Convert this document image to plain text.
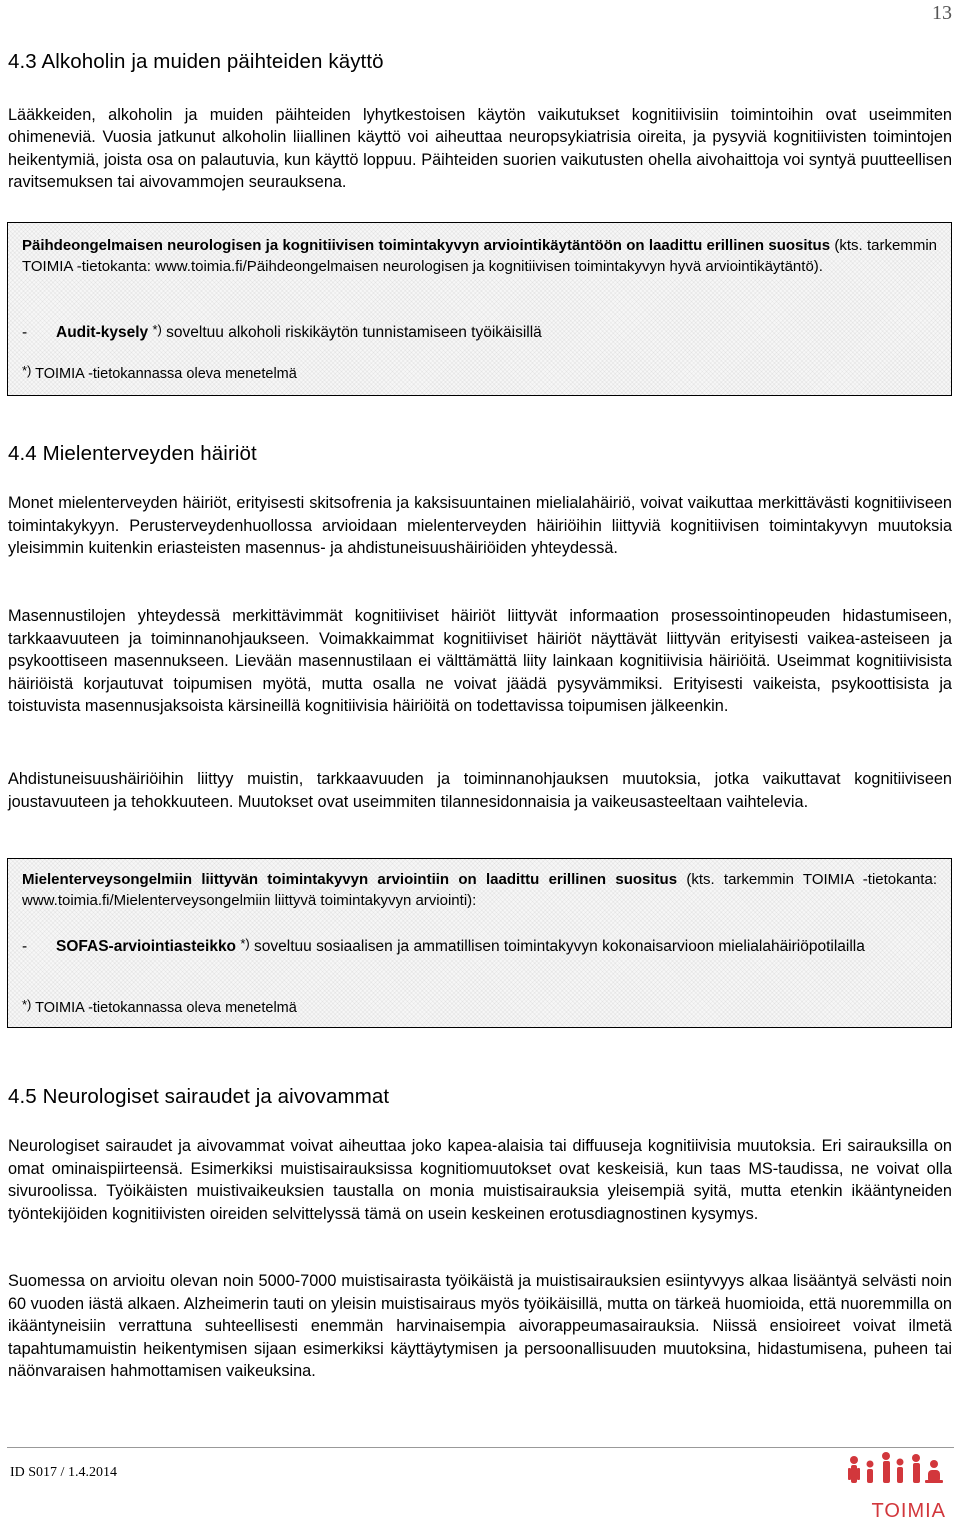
13
4.3 Alkoholin ja muiden päihteiden käyttö

Lääkkeiden, alkoholin ja muiden päihteiden lyhytkestoisen käytön vaikutukset kognitiivisiin toimintoihin ovat useimmiten ohimeneviä. Vuosia jatkunut alkoholin liiallinen käyttö voi aiheuttaa neuropsykiatrisia oireita, ja pysyviä kognitiivisten toimintojen heikentymiä, joista osa on palautuvia, kun käyttö loppuu. Päihteiden suorien vaikutusten ohella aivohaittoja voi syntyä puutteellisen ravitsemuksen tai aivovammojen seurauksena.

Päihdeongelmaisen neurologisen ja kognitiivisen toimintakyvyn arviointikäytäntöön on laadittu erillinen suositus (kts. tarkemmin TOIMIA -tietokanta: www.toimia.fi/Päihdeongelmaisen neurologisen ja kognitiivisen toimintakyvyn hyvä arviointikäytäntö).

- Audit-kysely *) soveltuu alkoholi riskikäytön tunnistamiseen työikäisillä
*) TOIMIA -tietokannassa oleva menetelmä
4.4 Mielenterveyden häiriöt

Monet mielenterveyden häiriöt, erityisesti skitsofrenia ja kaksisuuntainen mielialahäiriö, voivat vaikuttaa merkittävästi kognitiiviseen toimintakykyyn. Perusterveydenhuollossa arvioidaan mielenterveyden häiriöihin liittyviä kognitiivisen toimintakyvyn muutoksia yleisimmin kuitenkin eriasteisten masennus- ja ahdistuneisuushäiriöiden yhteydessä.

Masennustilojen yhteydessä merkittävimmät kognitiiviset häiriöt liittyvät informaation prosessointinopeuden hidastumiseen, tarkkaavuuteen ja toiminnanohjaukseen. Voimakkaimmat kognitiiviset häiriöt näyttävät liittyvän erityisesti vaikea-asteiseen ja psykoottiseen masennukseen. Lievään masennustilaan ei välttämättä liity lainkaan kognitiivisia häiriöitä. Useimmat kognitiivisista häiriöistä korjautuvat toipumisen myötä, mutta osalla ne voivat jäädä pysyvämmiksi. Erityisesti vaikeista, psykoottisista ja toistuvista masennusjaksoista kärsineillä kognitiivisia häiriöitä on todettavissa toipumisen jälkeenkin.

Ahdistuneisuushäiriöihin liittyy muistin, tarkkaavuuden ja toiminnanohjauksen muutoksia, jotka vaikuttavat kognitiiviseen joustavuuteen ja tehokkuuteen. Muutokset ovat useimmiten tilannesidonnaisia ja vaikeusasteeltaan vaihtelevia.

Mielenterveysongelmiin liittyvän toimintakyvyn arviointiin on laadittu erillinen suositus (kts. tarkemmin TOIMIA -tietokanta: www.toimia.fi/Mielenterveysongelmiin liittyvä toimintakyvyn arviointi):

- SOFAS-arviointiasteikko *) soveltuu sosiaalisen ja ammatillisen toimintakyvyn kokonaisarvioon mielialahäiriöpotilailla
*) TOIMIA -tietokannassa oleva menetelmä
4.5 Neurologiset sairaudet ja aivovammat

Neurologiset sairaudet ja aivovammat voivat aiheuttaa joko kapea-alaisia tai diffuuseja kognitiivisia muutoksia. Eri sairauksilla on omat ominaispiirteensä. Esimerkiksi muistisairauksissa kognitiomuutokset ovat keskeisiä, kun taas MS-taudissa, ne voivat olla sivuroolissa. Työikäisten muistivaikeuksien taustalla on monia muistisairauksia yleisempiä syitä, mutta etenkin ikääntyneiden työntekijöiden kognitiivisten oireiden selvittelyssä tämä on usein keskeinen erotusdiagnostinen kysymys.

Suomessa on arvioitu olevan noin 5000-7000 muistisairasta työikäistä ja muistisairauksien esiintyvyys alkaa lisääntyä selvästi noin 60 vuoden iästä alkaen. Alzheimerin tauti on yleisin muistisairaus myös työikäisillä, mutta on tärkeä huomioida, että nuoremmilla on ikääntyneisiin verrattuna suhteellisesti enemmän harvinaisempia aivorappeumasairauksia. Niissä ensioireet voivat ilmetä tapahtumamuistin heikentymisen sijaan esimerkiksi käyttäytymisen ja persoonallisuuden muutoksina, hidastumisena, puheen tai näönvaraisen hahmottamisen vaikeuksina.

ID S017 / 1.4.2014
TOIMIA
